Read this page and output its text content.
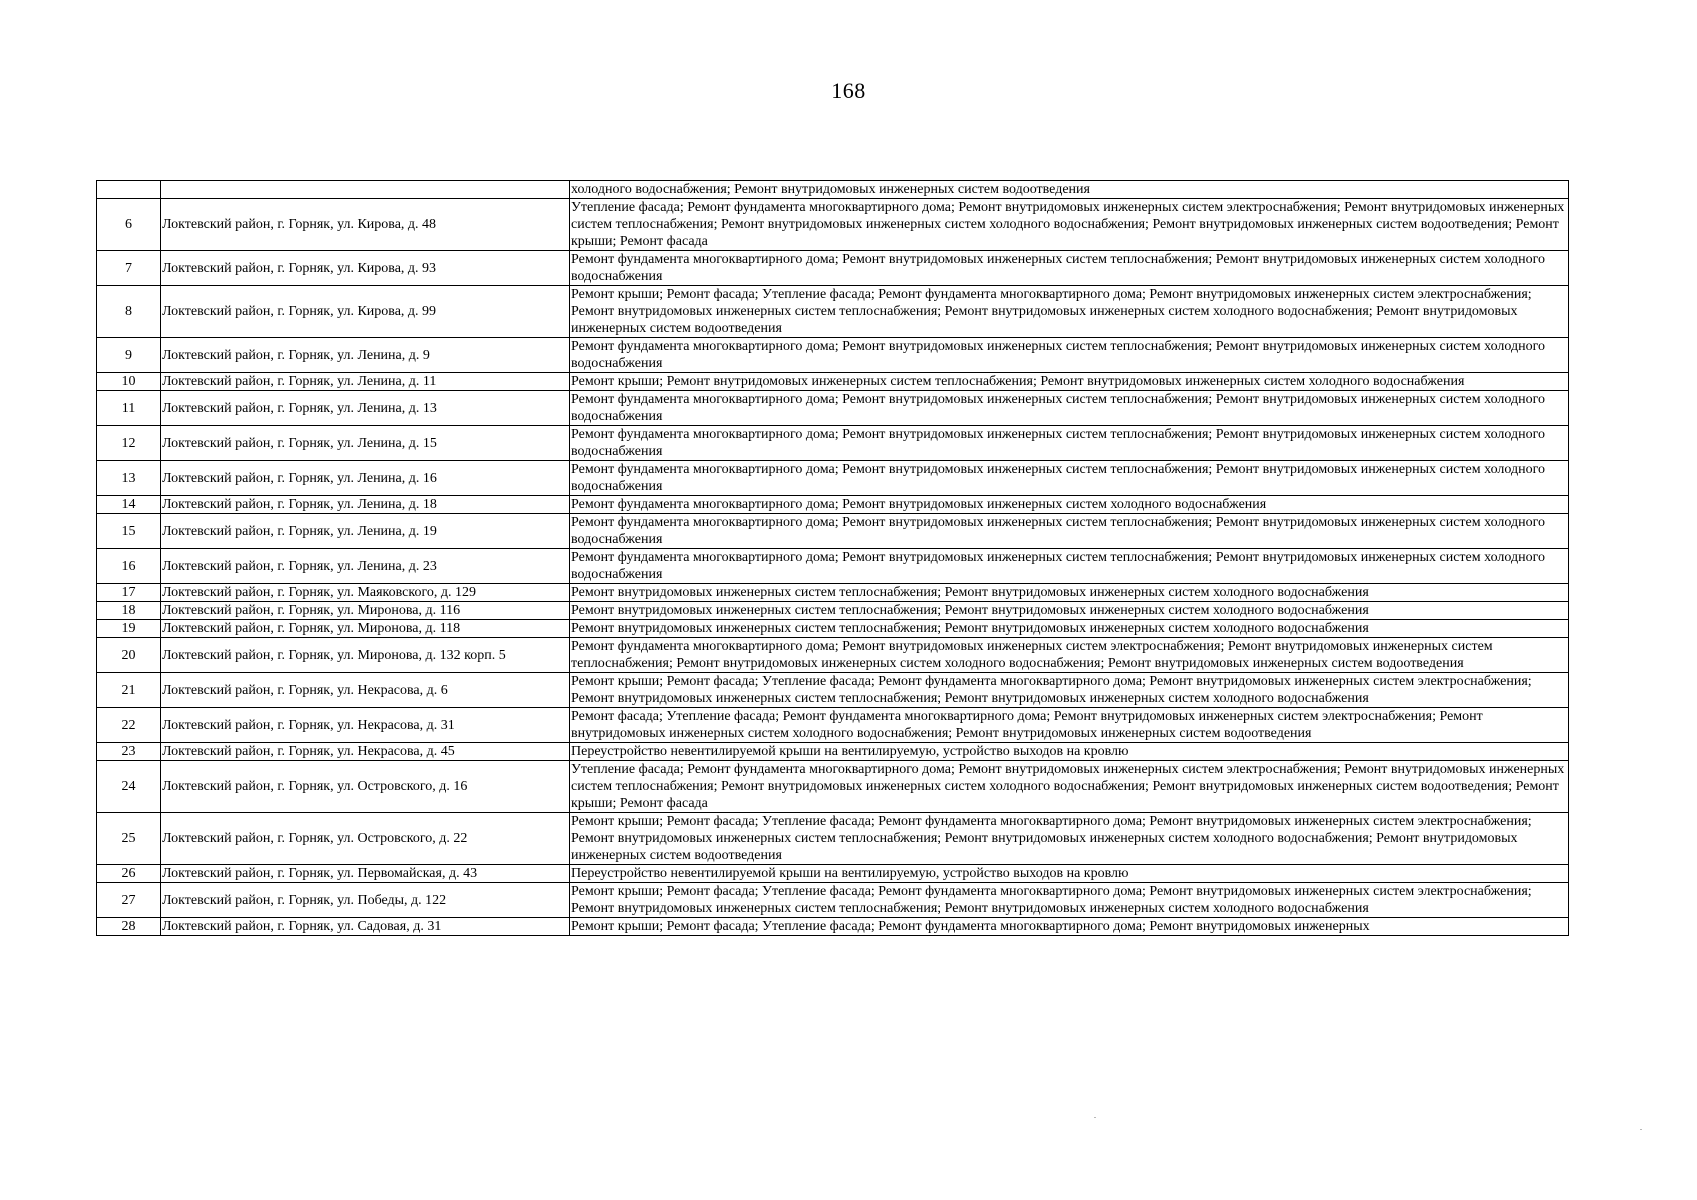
168
		холодного водоснабжения; Ремонт внутридомовых инженерных систем водоотведения
6	Локтевский район, г. Горняк, ул. Кирова, д. 48	Утепление фасада; Ремонт фундамента многоквартирного дома; Ремонт внутридомовых инженерных систем электроснабжения; Ремонт внутридомовых инженерных систем теплоснабжения; Ремонт внутридомовых инженерных систем холодного водоснабжения; Ремонт внутридомовых инженерных систем водоотведения; Ремонт крыши; Ремонт фасада
7	Локтевский район, г. Горняк, ул. Кирова, д. 93	Ремонт фундамента многоквартирного дома; Ремонт внутридомовых инженерных систем теплоснабжения; Ремонт внутридомовых инженерных систем холодного водоснабжения
8	Локтевский район, г. Горняк, ул. Кирова, д. 99	Ремонт крыши; Ремонт фасада; Утепление фасада; Ремонт фундамента многоквартирного дома; Ремонт внутридомовых инженерных систем электроснабжения; Ремонт внутридомовых инженерных систем теплоснабжения; Ремонт внутридомовых инженерных систем холодного водоснабжения; Ремонт внутридомовых инженерных систем водоотведения
9	Локтевский район, г. Горняк, ул. Ленина, д. 9	Ремонт фундамента многоквартирного дома; Ремонт внутридомовых инженерных систем теплоснабжения; Ремонт внутридомовых инженерных систем холодного водоснабжения
10	Локтевский район, г. Горняк, ул. Ленина, д. 11	Ремонт крыши; Ремонт внутридомовых инженерных систем теплоснабжения; Ремонт внутридомовых инженерных систем холодного водоснабжения
11	Локтевский район, г. Горняк, ул. Ленина, д. 13	Ремонт фундамента многоквартирного дома; Ремонт внутридомовых инженерных систем теплоснабжения; Ремонт внутридомовых инженерных систем холодного водоснабжения
12	Локтевский район, г. Горняк, ул. Ленина, д. 15	Ремонт фундамента многоквартирного дома; Ремонт внутридомовых инженерных систем теплоснабжения; Ремонт внутридомовых инженерных систем холодного водоснабжения
13	Локтевский район, г. Горняк, ул. Ленина, д. 16	Ремонт фундамента многоквартирного дома; Ремонт внутридомовых инженерных систем теплоснабжения; Ремонт внутридомовых инженерных систем холодного водоснабжения
14	Локтевский район, г. Горняк, ул. Ленина, д. 18	Ремонт фундамента многоквартирного дома; Ремонт внутридомовых инженерных систем холодного водоснабжения
15	Локтевский район, г. Горняк, ул. Ленина, д. 19	Ремонт фундамента многоквартирного дома; Ремонт внутридомовых инженерных систем теплоснабжения; Ремонт внутридомовых инженерных систем холодного водоснабжения
16	Локтевский район, г. Горняк, ул. Ленина, д. 23	Ремонт фундамента многоквартирного дома; Ремонт внутридомовых инженерных систем теплоснабжения; Ремонт внутридомовых инженерных систем холодного водоснабжения
17	Локтевский район, г. Горняк, ул. Маяковского, д. 129	Ремонт внутридомовых инженерных систем теплоснабжения; Ремонт внутридомовых инженерных систем холодного водоснабжения
18	Локтевский район, г. Горняк, ул. Миронова, д. 116	Ремонт внутридомовых инженерных систем теплоснабжения; Ремонт внутридомовых инженерных систем холодного водоснабжения
19	Локтевский район, г. Горняк, ул. Миронова, д. 118	Ремонт внутридомовых инженерных систем теплоснабжения; Ремонт внутридомовых инженерных систем холодного водоснабжения
20	Локтевский район, г. Горняк, ул. Миронова, д. 132 корп. 5	Ремонт фундамента многоквартирного дома; Ремонт внутридомовых инженерных систем электроснабжения; Ремонт внутридомовых инженерных систем теплоснабжения; Ремонт внутридомовых инженерных систем холодного водоснабжения; Ремонт внутридомовых инженерных систем водоотведения
21	Локтевский район, г. Горняк, ул. Некрасова, д. 6	Ремонт крыши; Ремонт фасада; Утепление фасада; Ремонт фундамента многоквартирного дома; Ремонт внутридомовых инженерных систем электроснабжения; Ремонт внутридомовых инженерных систем теплоснабжения; Ремонт внутридомовых инженерных систем холодного водоснабжения
22	Локтевский район, г. Горняк, ул. Некрасова, д. 31	Ремонт фасада; Утепление фасада; Ремонт фундамента многоквартирного дома; Ремонт внутридомовых инженерных систем электроснабжения; Ремонт внутридомовых инженерных систем холодного водоснабжения; Ремонт внутридомовых инженерных систем водоотведения
23	Локтевский район, г. Горняк, ул. Некрасова, д. 45	Переустройство невентилируемой крыши на вентилируемую, устройство выходов на кровлю
24	Локтевский район, г. Горняк, ул. Островского, д. 16	Утепление фасада; Ремонт фундамента многоквартирного дома; Ремонт внутридомовых инженерных систем электроснабжения; Ремонт внутридомовых инженерных систем теплоснабжения; Ремонт внутридомовых инженерных систем холодного водоснабжения; Ремонт внутридомовых инженерных систем водоотведения; Ремонт крыши; Ремонт фасада
25	Локтевский район, г. Горняк, ул. Островского, д. 22	Ремонт крыши; Ремонт фасада; Утепление фасада; Ремонт фундамента многоквартирного дома; Ремонт внутридомовых инженерных систем электроснабжения; Ремонт внутридомовых инженерных систем теплоснабжения; Ремонт внутридомовых инженерных систем холодного водоснабжения; Ремонт внутридомовых инженерных систем водоотведения
26	Локтевский район, г. Горняк, ул. Первомайская, д. 43	Переустройство невентилируемой крыши на вентилируемую, устройство выходов на кровлю
27	Локтевский район, г. Горняк, ул. Победы, д. 122	Ремонт крыши; Ремонт фасада; Утепление фасада; Ремонт фундамента многоквартирного дома; Ремонт внутридомовых инженерных систем электроснабжения; Ремонт внутридомовых инженерных систем теплоснабжения; Ремонт внутридомовых инженерных систем холодного водоснабжения
28	Локтевский район, г. Горняк, ул. Садовая, д. 31	Ремонт крыши; Ремонт фасада; Утепление фасада; Ремонт фундамента многоквартирного дома; Ремонт внутридомовых инженерных
